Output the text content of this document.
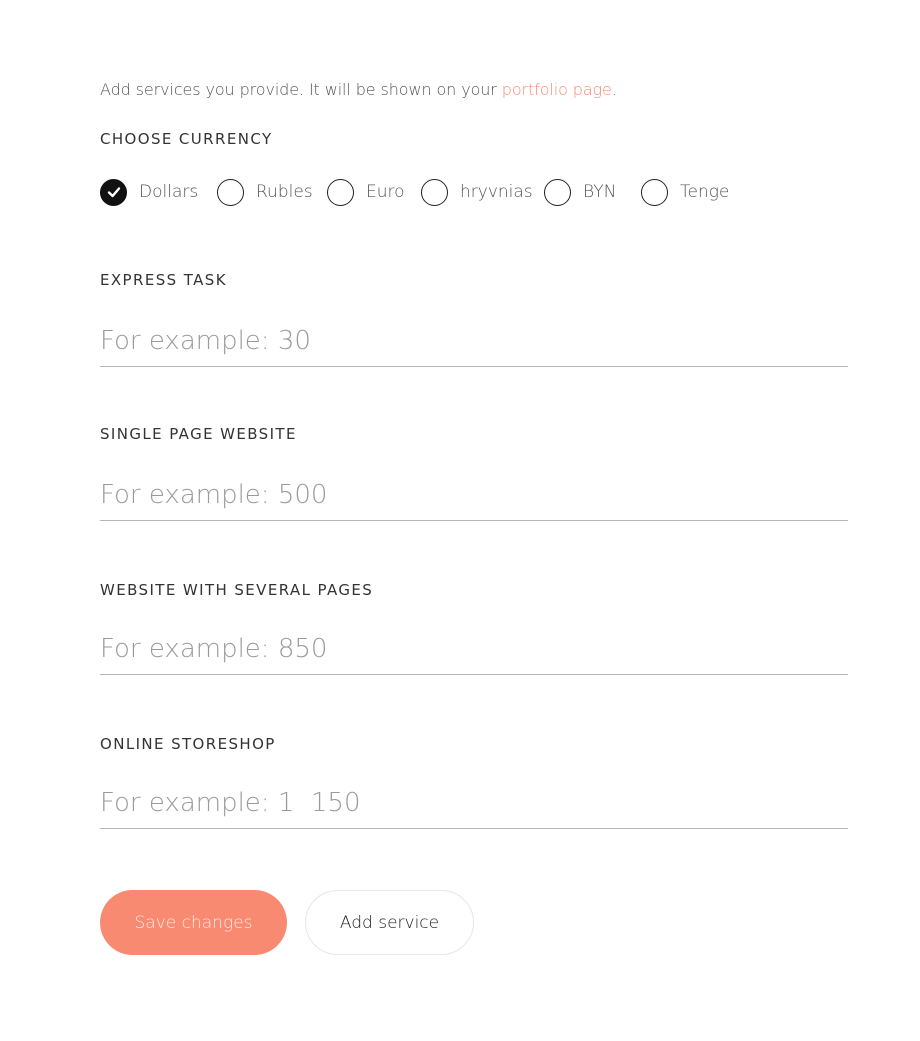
Add services you provide. It will be shown on your portfolio page.
CHOOSE CURRENCY
Dollars	Rubles	Euro	hryvnias	BYN	Tenge
EXPRESS TASK
For example: 30
SINGLE PAGE WEBSITE
For example: 500
WEBSITE WITH SEVERAL PAGES
For example: 850
ONLINE STORESHOP
For example: 1 150
Save changes	Add service
